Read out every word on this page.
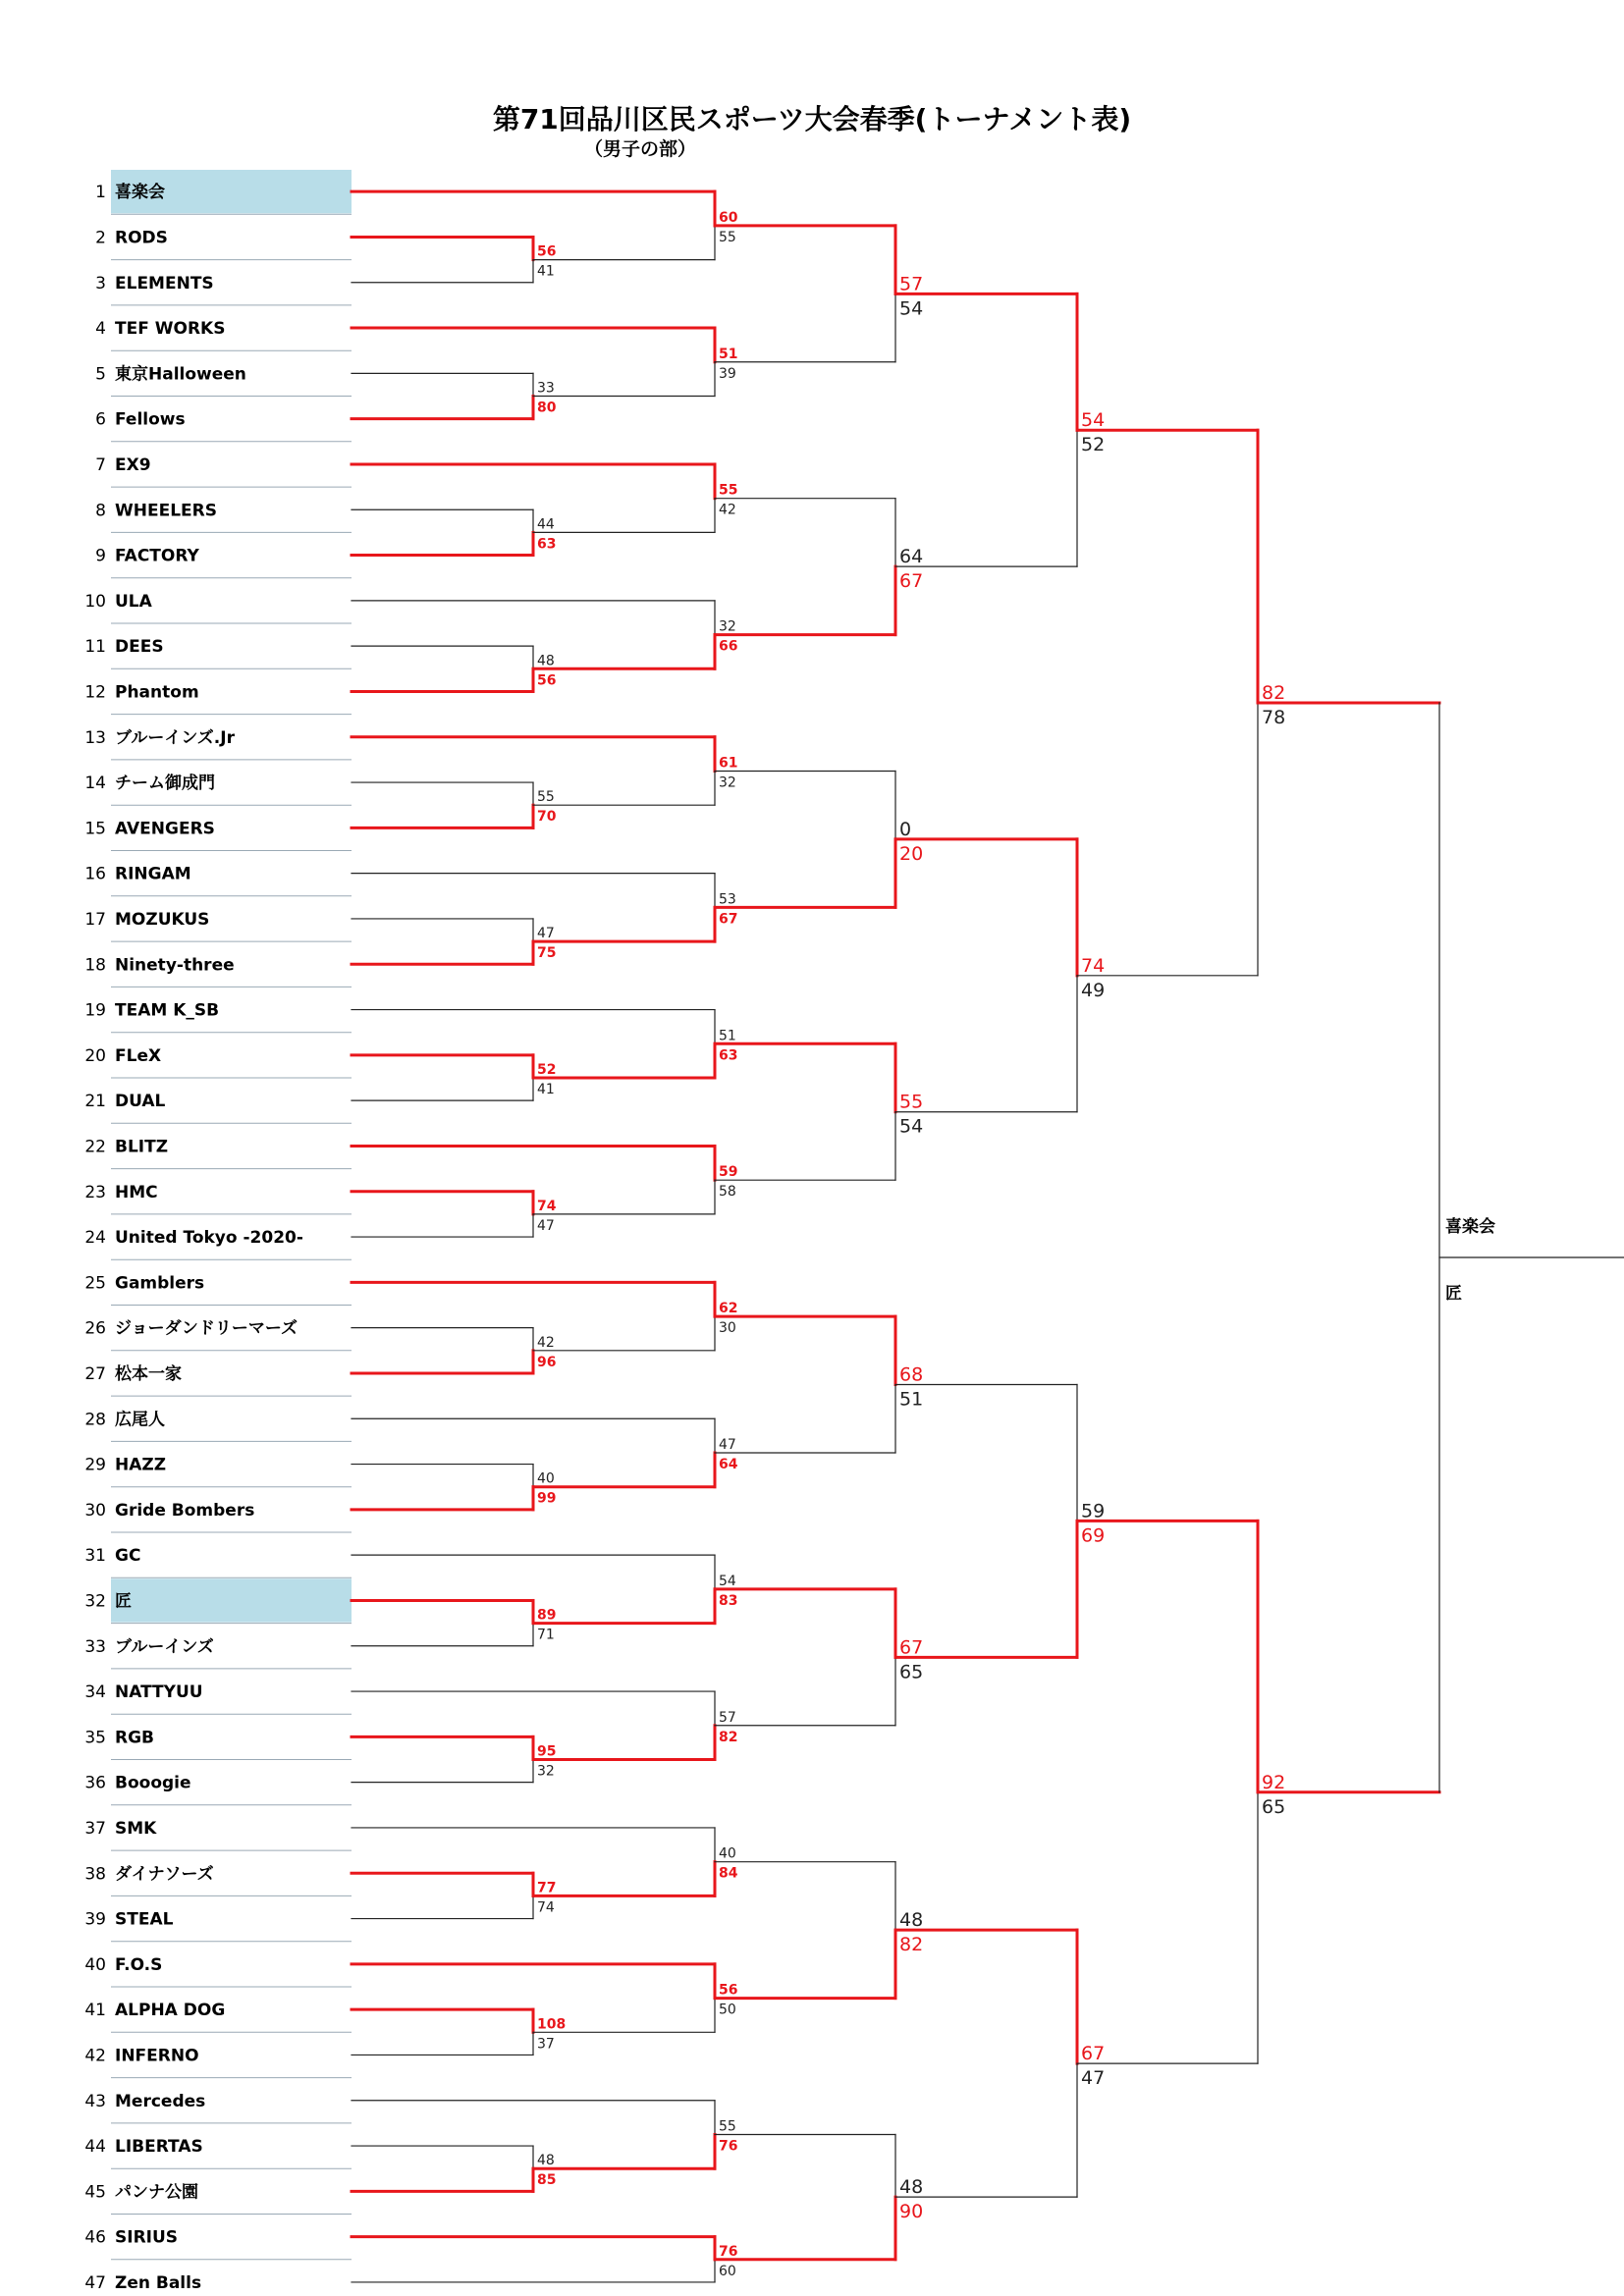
第71回品川区民スポーツ大会春季(トーナメント表)
（男子の部）
1 喜楽会
2 RODS
3 ELEMENTS
4 TEF WORKS
5 東京Halloween
6 Fellows
7 EX9
8 WHEELERS
9 FACTORY
10 ULA
11 DEES
12 Phantom
13 ブルーインズ.Jr
14 チーム御成門
15 AVENGERS
16 RINGAM
17 MOZUKUS
18 Ninety-three
19 TEAM K_SB
20 FLeX
21 DUAL
22 BLITZ
23 HMC
24 United Tokyo -2020-
25 Gamblers
26 ジョーダンドリーマーズ
27 松本一家
28 広尾人
29 HAZZ
30 Gride Bombers
31 GC
32 匠
33 ブルーインズ
34 NATTYUU
35 RGB
36 Booogie
37 SMK
38 ダイナソーズ
39 STEAL
40 F.O.S
41 ALPHA DOG
42 INFERNO
43 Mercedes
44 LIBERTAS
45 パンナ公園
46 SIRIUS
47 Zen Balls
56
41
33
80
44
63
48
56
55
70
47
75
52
41
74
47
42
96
40
99
89
71
95
32
77
74
108
37
48
85
60
55
51
39
55
42
32
66
61
32
53
67
51
63
59
58
62
30
47
64
54
83
57
82
40
84
56
50
55
76
76
60
57
54
64
67
0
20
55
54
68
51
67
65
48
82
48
90
54
52
74
49
59
69
67
47
82
78
92
65
喜楽会
匠
